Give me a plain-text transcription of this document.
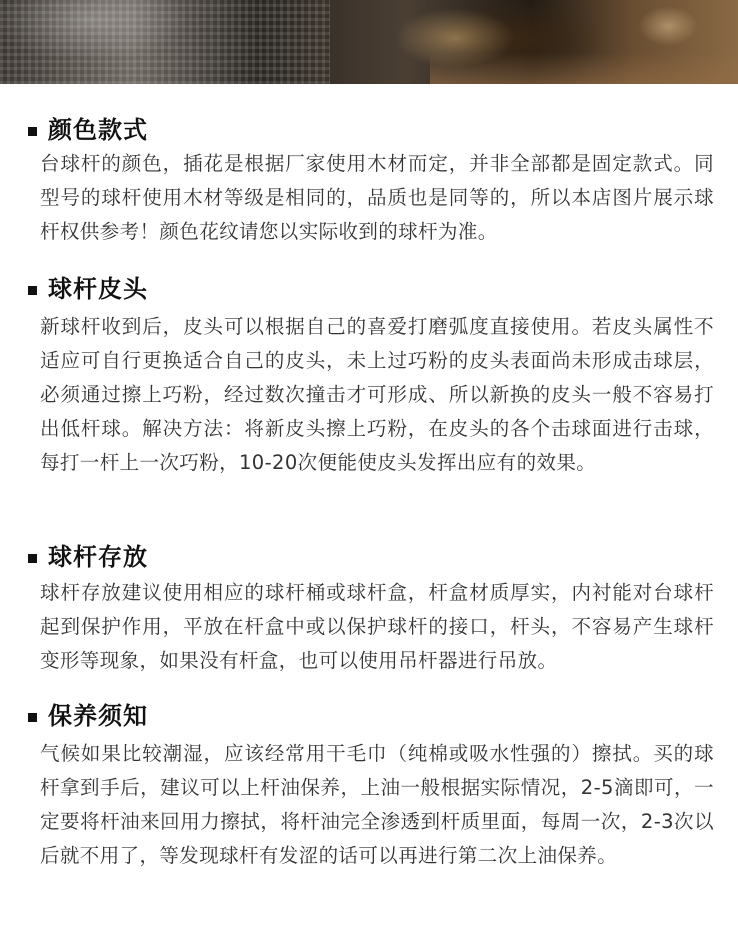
颜色款式
台球杆的颜色，插花是根据厂家使用木材而定，并非全部都是固定款式。同型号的球杆使用木材等级是相同的，品质也是同等的，所以本店图片展示球杆权供参考！颜色花纹请您以实际收到的球杆为准。
球杆皮头
新球杆收到后，皮头可以根据自己的喜爱打磨弧度直接使用。若皮头属性不适应可自行更换适合自己的皮头，未上过巧粉的皮头表面尚未形成击球层，必须通过擦上巧粉，经过数次撞击才可形成、所以新换的皮头一般不容易打出低杆球。解决方法：将新皮头擦上巧粉，在皮头的各个击球面进行击球，每打一杆上一次巧粉，10-20次便能使皮头发挥出应有的效果。
球杆存放
球杆存放建议使用相应的球杆桶或球杆盒，杆盒材质厚实，内衬能对台球杆起到保护作用，平放在杆盒中或以保护球杆的接口，杆头，不容易产生球杆变形等现象，如果没有杆盒，也可以使用吊杆器进行吊放。
保养须知
气候如果比较潮湿，应该经常用干毛巾（纯棉或吸水性强的）擦拭。买的球杆拿到手后，建议可以上杆油保养，上油一般根据实际情况，2-5滴即可，一定要将杆油来回用力擦拭，将杆油完全渗透到杆质里面，每周一次，2-3次以后就不用了，等发现球杆有发涩的话可以再进行第二次上油保养。
